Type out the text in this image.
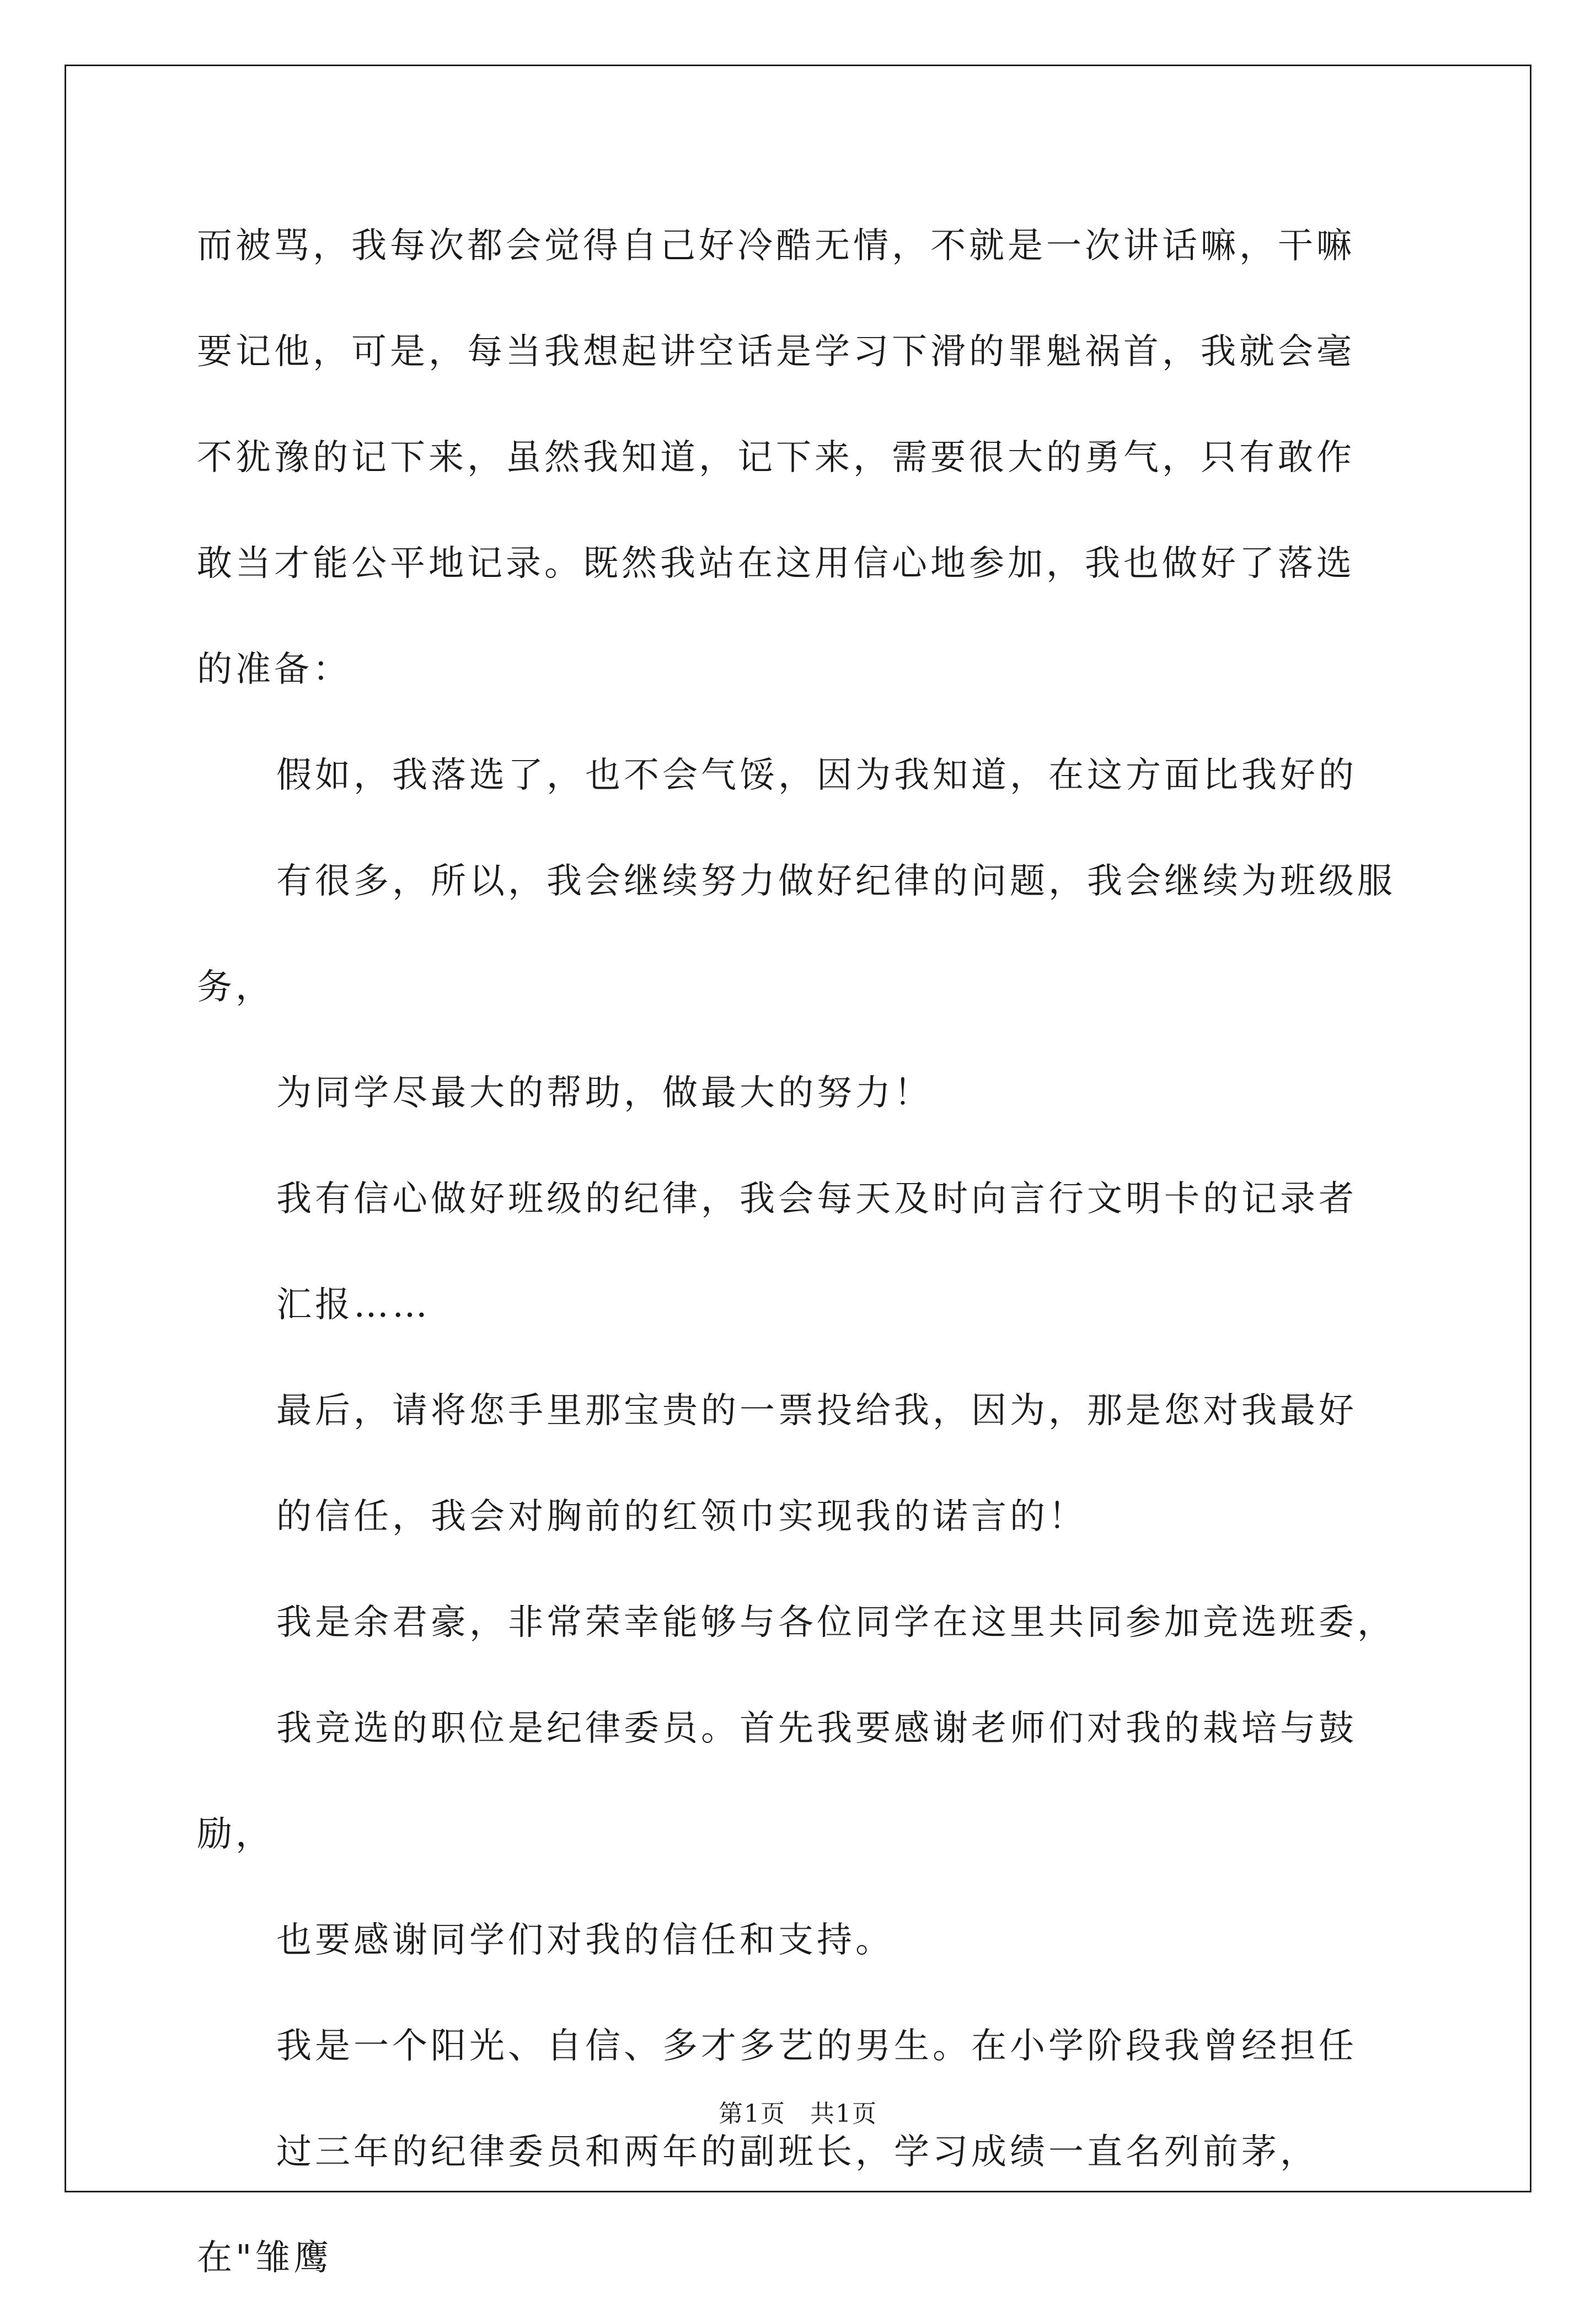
而被骂，我每次都会觉得自己好冷酷无情，不就是一次讲话嘛，干嘛
要记他，可是，每当我想起讲空话是学习下滑的罪魁祸首，我就会毫
不犹豫的记下来，虽然我知道，记下来，需要很大的勇气，只有敢作
敢当才能公平地记录。既然我站在这用信心地参加，我也做好了落选
的准备：
假如，我落选了，也不会气馁，因为我知道，在这方面比我好的
有很多，所以，我会继续努力做好纪律的问题，我会继续为班级服务，
为同学尽最大的帮助，做最大的努力！
我有信心做好班级的纪律，我会每天及时向言行文明卡的记录者
汇报……
最后，请将您手里那宝贵的一票投给我，因为，那是您对我最好
的信任，我会对胸前的红领巾实现我的诺言的！
我是余君豪，非常荣幸能够与各位同学在这里共同参加竞选班委，
我竞选的职位是纪律委员。首先我要感谢老师们对我的栽培与鼓励，
也要感谢同学们对我的信任和支持。
我是一个阳光、自信、多才多艺的男生。在小学阶段我曾经担任
过三年的纪律委员和两年的副班长，学习成绩一直名列前茅，在"雏鹰
第1页 共1页
